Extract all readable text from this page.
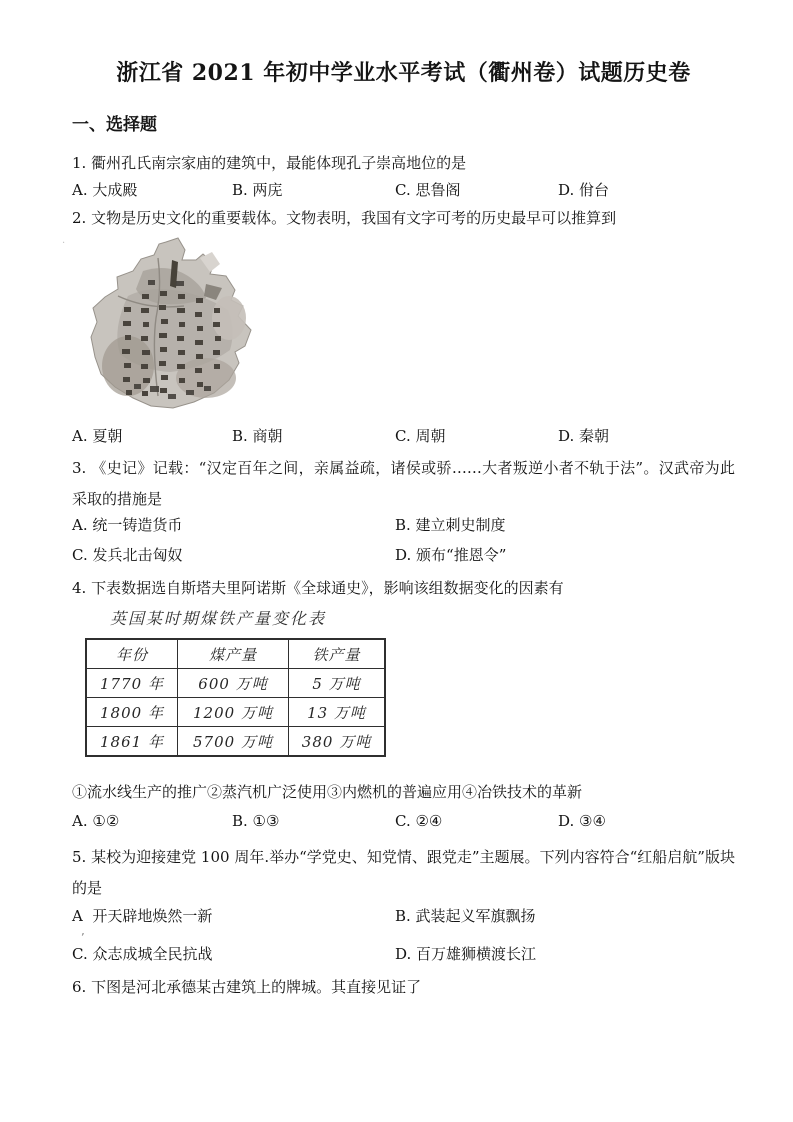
·
浙江省 2021 年初中学业水平考试（衢州卷）试题历史卷
一、选择题

1. 衢州孔氏南宗家庙的建筑中，最能体现孔子崇高地位的是

A. 大成殿	B. 两庑	C. 思鲁阁	D. 佾台

2. 文物是历史文化的重要载体。文物表明，我国有文字可考的历史最早可以推算到

A. 夏朝	B. 商朝	C. 周朝	D. 秦朝

3. 《史记》记载：“汉定百年之间，亲属益疏，诸侯或骄……大者叛逆小者不轨于法”。汉武帝为此采取的措施是

A. 统一铸造货币	B. 建立刺史制度
C. 发兵北击匈奴	D. 颁布“推恩令”

4. 下表数据选自斯塔夫里阿诺斯《全球通史》，影响该组数据变化的因素有

英国某时期煤铁产量变化表
年份	煤产量	铁产量
1770 年	600 万吨	5 万吨
1800 年	1200 万吨	13 万吨
1861 年	5700 万吨	380 万吨

①流水线生产的推广②蒸汽机广泛使用③内燃机的普遍应用④冶铁技术的革新

A. ①②	B. ①③	C. ②④	D. ③④

5. 某校为迎接建党 100 周年.举办“学党史、知党情、跟党走”主题展。下列内容符合“红船启航”版块的是

A  开天辟地焕然一新	B. 武装起义军旗飘扬
’
C. 众志成城全民抗战	D. 百万雄狮横渡长江

6. 下图是河北承德某古建筑上的牌城。其直接见证了
